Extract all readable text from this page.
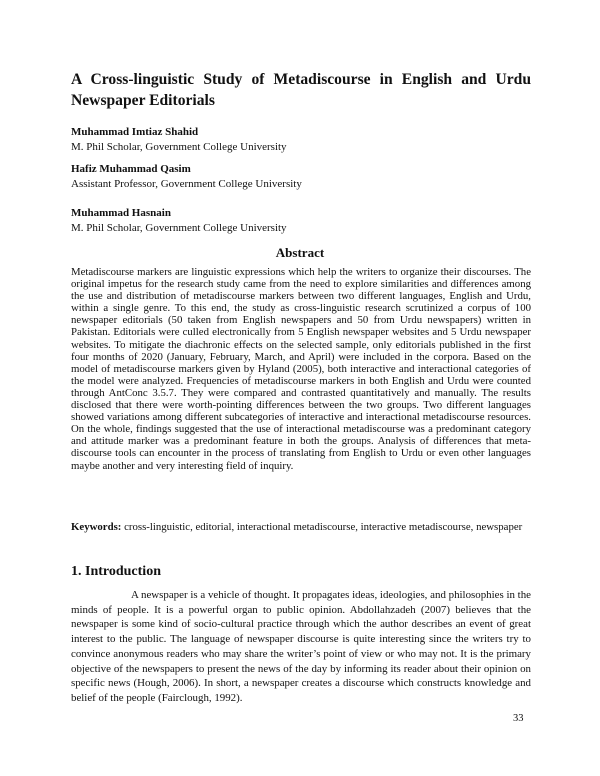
A Cross-linguistic Study of Metadiscourse in English and Urdu Newspaper Editorials
Muhammad Imtiaz Shahid
M. Phil Scholar, Government College University
Hafiz Muhammad Qasim
Assistant Professor, Government College University
Muhammad Hasnain
M. Phil Scholar, Government College University
Abstract

Metadiscourse markers are linguistic expressions which help the writers to organize their discourses. The original impetus for the research study came from the need to explore similarities and differences among the use and distribution of metadiscourse markers between two different languages, English and Urdu, within a single genre. To this end, the study as cross-linguistic research scrutinized a corpus of 100 newspaper editorials (50 taken from English newspapers and 50 from Urdu newspapers) written in Pakistan. Editorials were culled electronically from 5 English newspaper websites and 5 Urdu newspaper websites. To mitigate the diachronic effects on the selected sample, only editorials published in the first four months of 2020 (January, February, March, and April) were included in the corpora. Based on the model of metadiscourse markers given by Hyland (2005), both interactive and interactional categories of the model were analyzed. Frequencies of metadiscourse markers in both English and Urdu were counted through AntConc 3.5.7. They were compared and contrasted quantitatively and manually. The results disclosed that there were worth-pointing differences between the two groups. Two different languages showed variations among different subcategories of interactive and interactional metadiscourse resources. On the whole, findings suggested that the use of interactional metadiscourse was a predominant category and attitude marker was a predominant feature in both the groups. Analysis of differences that meta-discourse tools can encounter in the process of translating from English to Urdu or even other languages maybe another and very interesting field of inquiry.

Keywords: cross-linguistic, editorial, interactional metadiscourse, interactive metadiscourse, newspaper

1. Introduction

A newspaper is a vehicle of thought. It propagates ideas, ideologies, and philosophies in the minds of people. It is a powerful organ to public opinion. Abdollahzadeh (2007) believes that the newspaper is some kind of socio-cultural practice through which the author describes an event of great interest to the public. The language of newspaper discourse is quite interesting since the writers try to convince anonymous readers who may share the writer’s point of view or who may not. It is the primary objective of the newspapers to present the news of the day by informing its reader about their opinion on specific news (Hough, 2006). In short, a newspaper creates a discourse which constructs knowledge and belief of the people (Fairclough, 1992).

33
